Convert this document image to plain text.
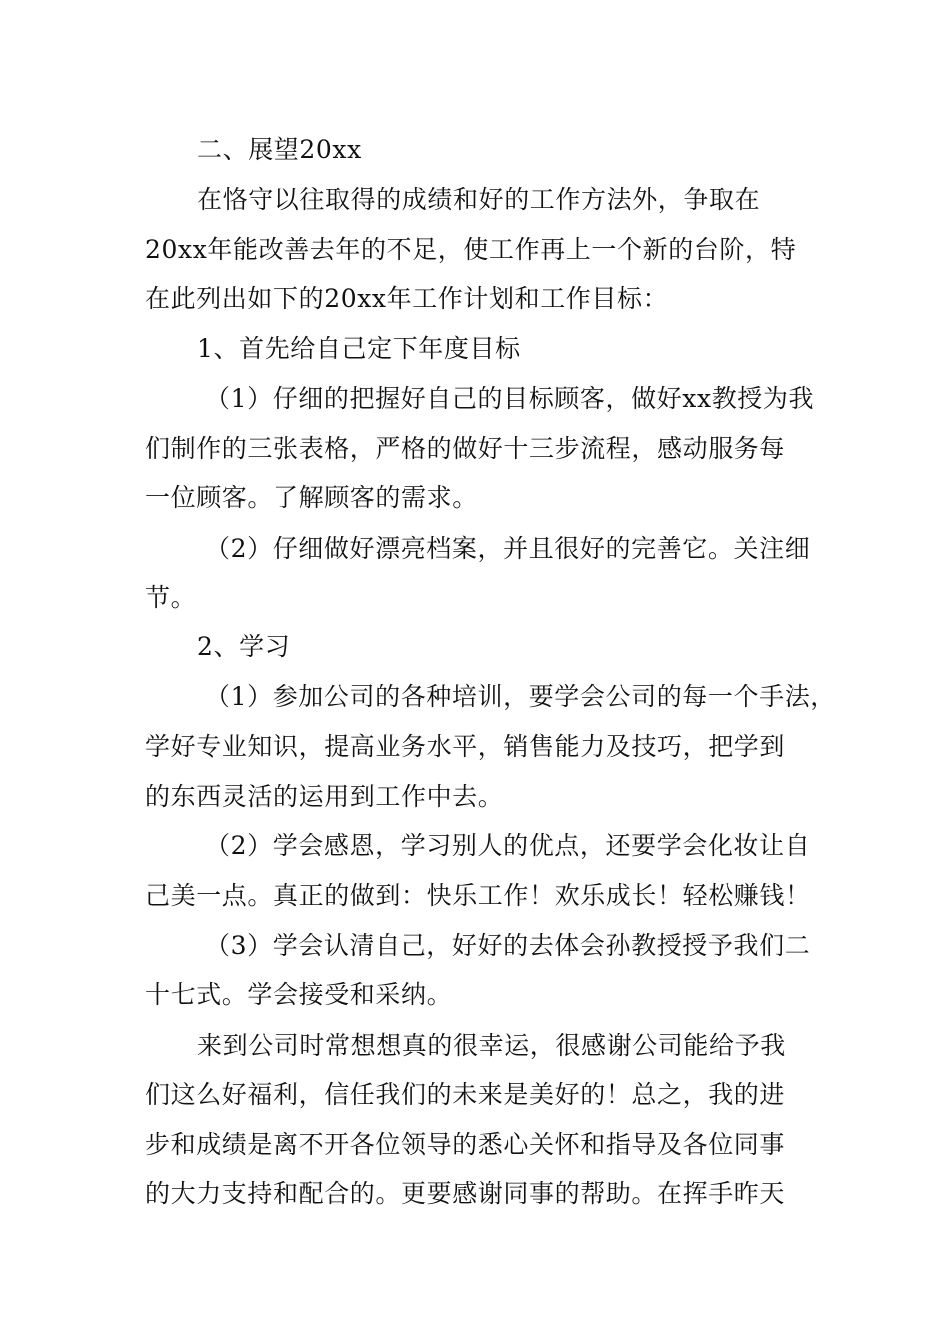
二、展望20xx
在恪守以往取得的成绩和好的工作方法外，争取在
20xx年能改善去年的不足，使工作再上一个新的台阶，特
在此列出如下的20xx年工作计划和工作目标：
1、首先给自己定下年度目标
（1）仔细的把握好自己的目标顾客，做好xx教授为我
们制作的三张表格，严格的做好十三步流程，感动服务每
一位顾客。了解顾客的需求。
（2）仔细做好漂亮档案，并且很好的完善它。关注细
节。
2、学习
（1）参加公司的各种培训，要学会公司的每一个手法，
学好专业知识，提高业务水平，销售能力及技巧，把学到
的东西灵活的运用到工作中去。
（2）学会感恩，学习别人的优点，还要学会化妆让自
己美一点。真正的做到：快乐工作！欢乐成长！轻松赚钱！
（3）学会认清自己，好好的去体会孙教授授予我们二
十七式。学会接受和采纳。
来到公司时常想想真的很幸运，很感谢公司能给予我
们这么好福利，信任我们的未来是美好的！总之，我的进
步和成绩是离不开各位领导的悉心关怀和指导及各位同事
的大力支持和配合的。更要感谢同事的帮助。在挥手昨天
